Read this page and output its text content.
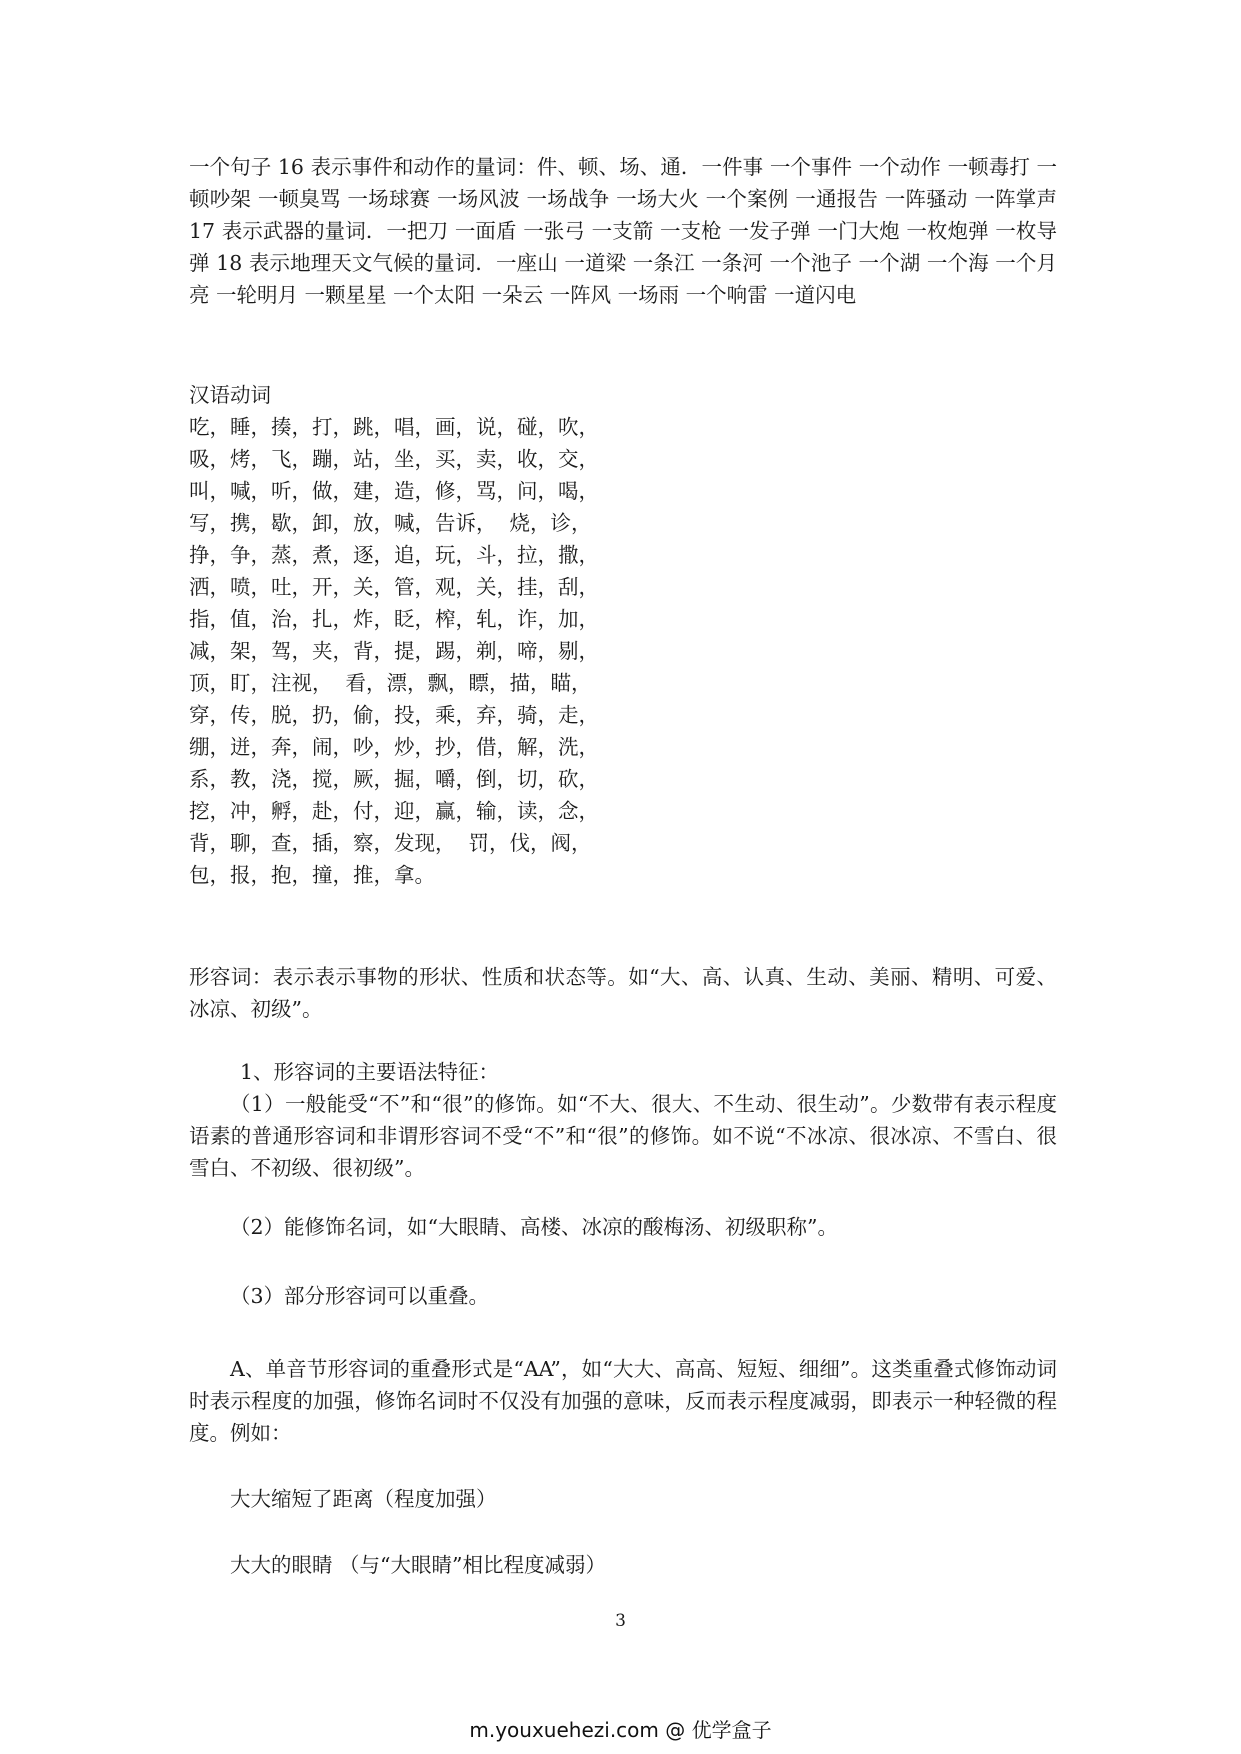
一个句子 16 表示事件和动作的量词：件、顿、场、通．一件事 一个事件 一个动作 一顿毒打 一顿吵架 一顿臭骂 一场球赛 一场风波 一场战争 一场大火 一个案例 一通报告 一阵骚动 一阵掌声 17 表示武器的量词．一把刀 一面盾 一张弓 一支箭 一支枪 一发子弹 一门大炮 一枚炮弹 一枚导弹 18 表示地理天文气候的量词．一座山 一道梁 一条江 一条河 一个池子 一个湖 一个海 一个月亮 一轮明月 一颗星星 一个太阳 一朵云 一阵风 一场雨 一个响雷 一道闪电

汉语动词

吃，睡，揍，打，跳，唱，画，说，碰，吹，
吸，烤，飞，蹦，站，坐，买，卖，收，交，
叫，喊，听，做，建，造，修，骂，问，喝，
写，携，歇，卸，放，喊，告诉，  烧，诊，
挣，争，蒸，煮，逐，追，玩，斗，拉，撒，
洒，喷，吐，开，关，管，观，关，挂，刮，
指，值，治，扎，炸，眨，榨，轧，诈，加，
减，架，驾，夹，背，提，踢，剃，啼，剔，
顶，盯，注视，  看，漂，飘，瞟，描，瞄，
穿，传，脱，扔，偷，投，乘，弃，骑，走，
绷，迸，奔，闹，吵，炒，抄，借，解，洗，
系，教，浇，搅，厥，掘，嚼，倒，切，砍，
挖，冲，孵，赴，付，迎，赢，输，读，念，
背，聊，查，插，察，发现，  罚，伐，阀，
包，报，抱，撞，推，拿。

形容词：表示表示事物的形状、性质和状态等。如“大、高、认真、生动、美丽、精明、可爱、冰凉、初级”。

1、形容词的主要语法特征：

（1）一般能受“不”和“很”的修饰。如“不大、很大、不生动、很生动”。少数带有表示程度语素的普通形容词和非谓形容词不受“不”和“很”的修饰。如不说“不冰凉、很冰凉、不雪白、很雪白、不初级、很初级”。

（2）能修饰名词，如“大眼睛、高楼、冰凉的酸梅汤、初级职称”。

（3）部分形容词可以重叠。

A、单音节形容词的重叠形式是“AA”，如“大大、高高、短短、细细”。这类重叠式修饰动词时表示程度的加强，修饰名词时不仅没有加强的意味，反而表示程度减弱，即表示一种轻微的程度。例如：

大大缩短了距离（程度加强）

大大的眼睛 （与“大眼睛”相比程度减弱）

3
m.youxuehezi.com @ 优学盒子
